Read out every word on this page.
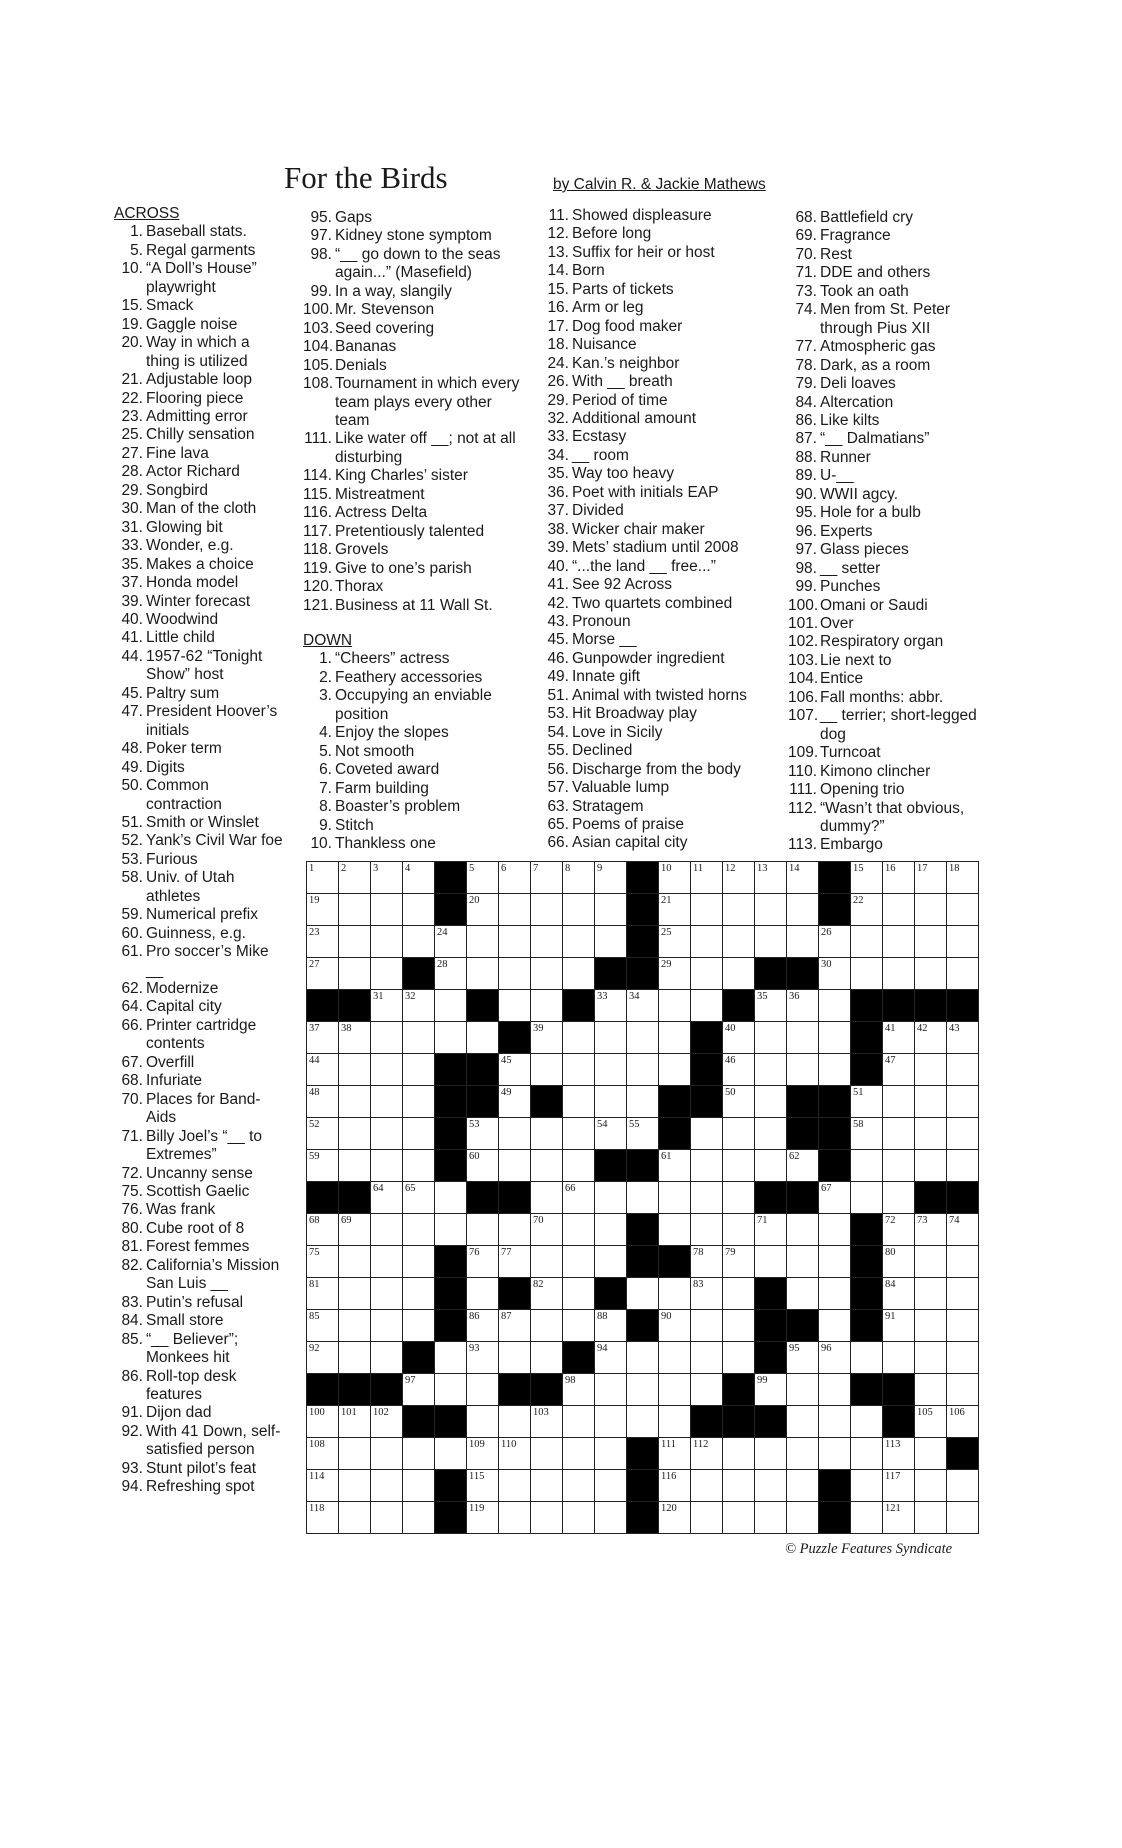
For the Birds	by Calvin R. & Jackie Mathews
ACROSS
1. Baseball stats.
5. Regal garments
10. “A Doll’s House” playwright
15. Smack
19. Gaggle noise
20. Way in which a thing is utilized
21. Adjustable loop
22. Flooring piece
23. Admitting error
25. Chilly sensation
27. Fine lava
28. Actor Richard
29. Songbird
30. Man of the cloth
31. Glowing bit
33. Wonder, e.g.
35. Makes a choice
37. Honda model
39. Winter forecast
40. Woodwind
41. Little child
44. 1957-62 “Tonight Show” host
45. Paltry sum
47. President Hoover’s initials
48. Poker term
49. Digits
50. Common contraction
51. Smith or Winslet
52. Yank’s Civil War foe
53. Furious
58. Univ. of Utah athletes
59. Numerical prefix
60. Guinness, e.g.
61. Pro soccer’s Mike __
62. Modernize
64. Capital city
66. Printer cartridge contents
67. Overfill
68. Infuriate
70. Places for Band-Aids
71. Billy Joel’s “__ to Extremes”
72. Uncanny sense
75. Scottish Gaelic
76. Was frank
80. Cube root of 8
81. Forest femmes
82. California’s Mission San Luis __
83. Putin’s refusal
84. Small store
85. “__ Believer”; Monkees hit
86. Roll-top desk features
91. Dijon dad
92. With 41 Down, self-satisfied person
93. Stunt pilot’s feat
94. Refreshing spot
95. Gaps
97. Kidney stone symptom
98. “__ go down to the seas again...” (Masefield)
99. In a way, slangily
100. Mr. Stevenson
103. Seed covering
104. Bananas
105. Denials
108. Tournament in which every team plays every other team
111. Like water off __; not at all disturbing
114. King Charles’ sister
115. Mistreatment
116. Actress Delta
117. Pretentiously talented
118. Grovels
119. Give to one’s parish
120. Thorax
121. Business at 11 Wall St.
DOWN
1. “Cheers” actress
2. Feathery accessories
3. Occupying an enviable position
4. Enjoy the slopes
5. Not smooth
6. Coveted award
7. Farm building
8. Boaster’s problem
9. Stitch
10. Thankless one
11. Showed displeasure
12. Before long
13. Suffix for heir or host
14. Born
15. Parts of tickets
16. Arm or leg
17. Dog food maker
18. Nuisance
24. Kan.’s neighbor
26. With __ breath
29. Period of time
32. Additional amount
33. Ecstasy
34. __ room
35. Way too heavy
36. Poet with initials EAP
37. Divided
38. Wicker chair maker
39. Mets’ stadium until 2008
40. “...the land __ free...”
41. See 92 Across
42. Two quartets combined
43. Pronoun
45. Morse __
46. Gunpowder ingredient
49. Innate gift
51. Animal with twisted horns
53. Hit Broadway play
54. Love in Sicily
55. Declined
56. Discharge from the body
57. Valuable lump
63. Stratagem
65. Poems of praise
66. Asian capital city
68. Battlefield cry
69. Fragrance
70. Rest
71. DDE and others
73. Took an oath
74. Men from St. Peter through Pius XII
77. Atmospheric gas
78. Dark, as a room
79. Deli loaves
84. Altercation
86. Like kilts
87. “__ Dalmatians”
88. Runner
89. U-__
90. WWII agcy.
95. Hole for a bulb
96. Experts
97. Glass pieces
98. __ setter
99. Punches
100. Omani or Saudi
101. Over
102. Respiratory organ
103. Lie next to
104. Entice
106. Fall months: abbr.
107. __ terrier; short-legged dog
109. Turncoat
110. Kimono clincher
111. Opening trio
112. “Wasn’t that obvious, dummy?”
113. Embargo
1	2	3	4		5	6	7	8	9		10	11	12	13	14		15	16	17	18

19					20						21						22			

23				24							25					26				

27				28							29					30				

		31	32						33	34				35	36					

37	38						39						40					41	42	43

44						45							46					47		

48						49							50				51			

52					53				54	55							58			

59					60						61				62					

		64	65					66								67				

68	69						70							71				72	73	74

75					76	77						78	79					80		

81							82					83						84		

85					86	87			88		90							91		

92					93				94						95	96				

			97					98						99						

100	101	102					103												105	106

108					109	110					111	112						113		

114					115						116							117		

118					119						120							121		

© Puzzle Features Syndicate
